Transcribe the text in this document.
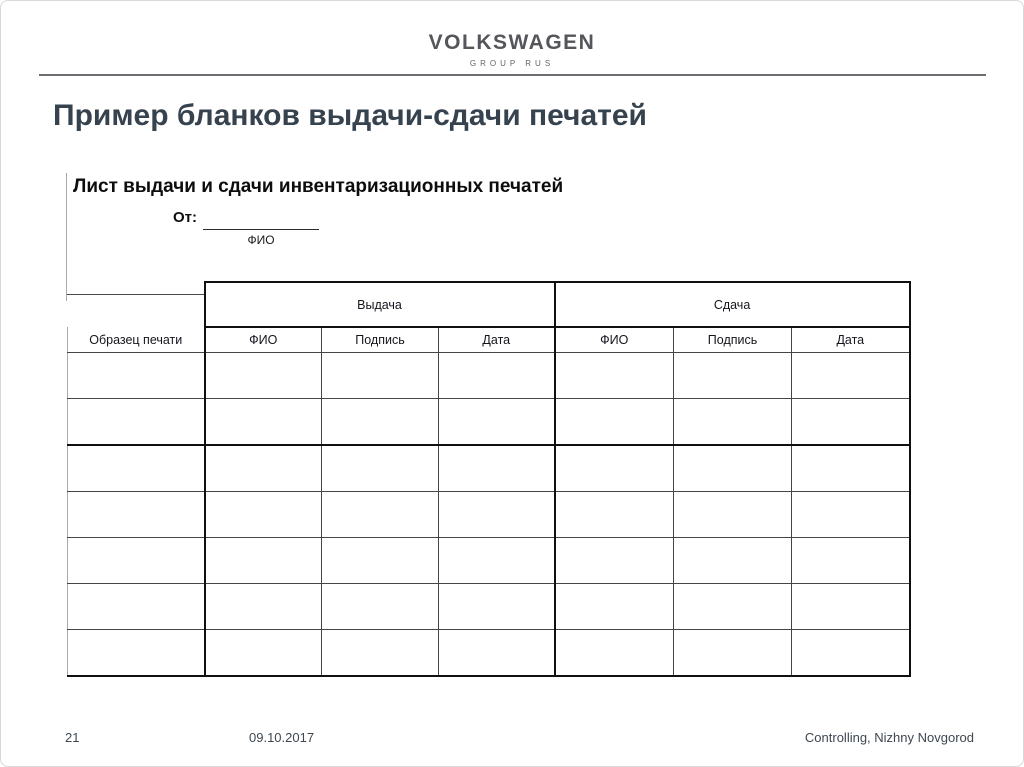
VOLKSWAGEN
GROUP RUS
Пример бланков выдачи-сдачи печатей
Лист выдачи и сдачи инвентаризационных печатей
От:
ФИО
	Выдача			Сдача		
Образец печати	ФИО	Подпись	Дата	ФИО	Подпись	Дата

21	09.10.2017	Controlling, Nizhny Novgorod
